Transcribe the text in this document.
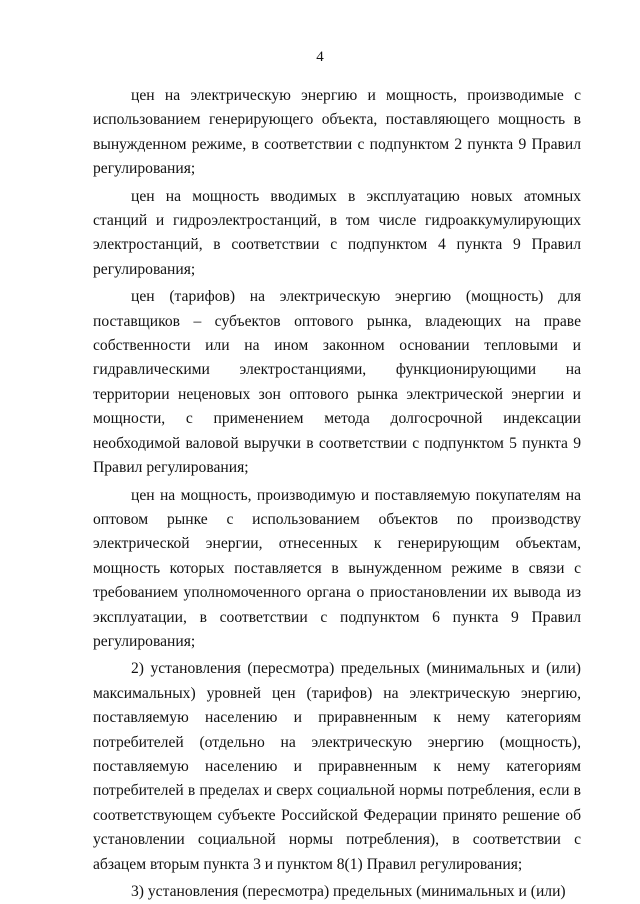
4

цен на электрическую энергию и мощность, производимые с использованием генерирующего объекта, поставляющего мощность в вынужденном режиме, в соответствии с подпунктом 2 пункта 9 Правил регулирования;

цен на мощность вводимых в эксплуатацию новых атомных станций и гидроэлектростанций, в том числе гидроаккумулирующих электростанций, в соответствии с подпунктом 4 пункта 9 Правил регулирования;

цен (тарифов) на электрическую энергию (мощность) для поставщиков – субъектов оптового рынка, владеющих на праве собственности или на ином законном основании тепловыми и гидравлическими электростанциями, функционирующими на территории неценовых зон оптового рынка электрической энергии и мощности, с применением метода долгосрочной индексации необходимой валовой выручки в соответствии с подпунктом 5 пункта 9 Правил регулирования;

цен на мощность, производимую и поставляемую покупателям на оптовом рынке с использованием объектов по производству электрической энергии, отнесенных к генерирующим объектам, мощность которых поставляется в вынужденном режиме в связи с требованием уполномоченного органа о приостановлении их вывода из эксплуатации, в соответствии с подпунктом 6 пункта 9 Правил регулирования;

2) установления (пересмотра) предельных (минимальных и (или) максимальных) уровней цен (тарифов) на электрическую энергию, поставляемую населению и приравненным к нему категориям потребителей (отдельно на электрическую энергию (мощность), поставляемую населению и приравненным к нему категориям потребителей в пределах и сверх социальной нормы потребления, если в соответствующем субъекте Российской Федерации принято решение об установлении социальной нормы потребления), в соответствии с абзацем вторым пункта 3 и пунктом 8(1) Правил регулирования;

3) установления (пересмотра) предельных (минимальных и (или)
